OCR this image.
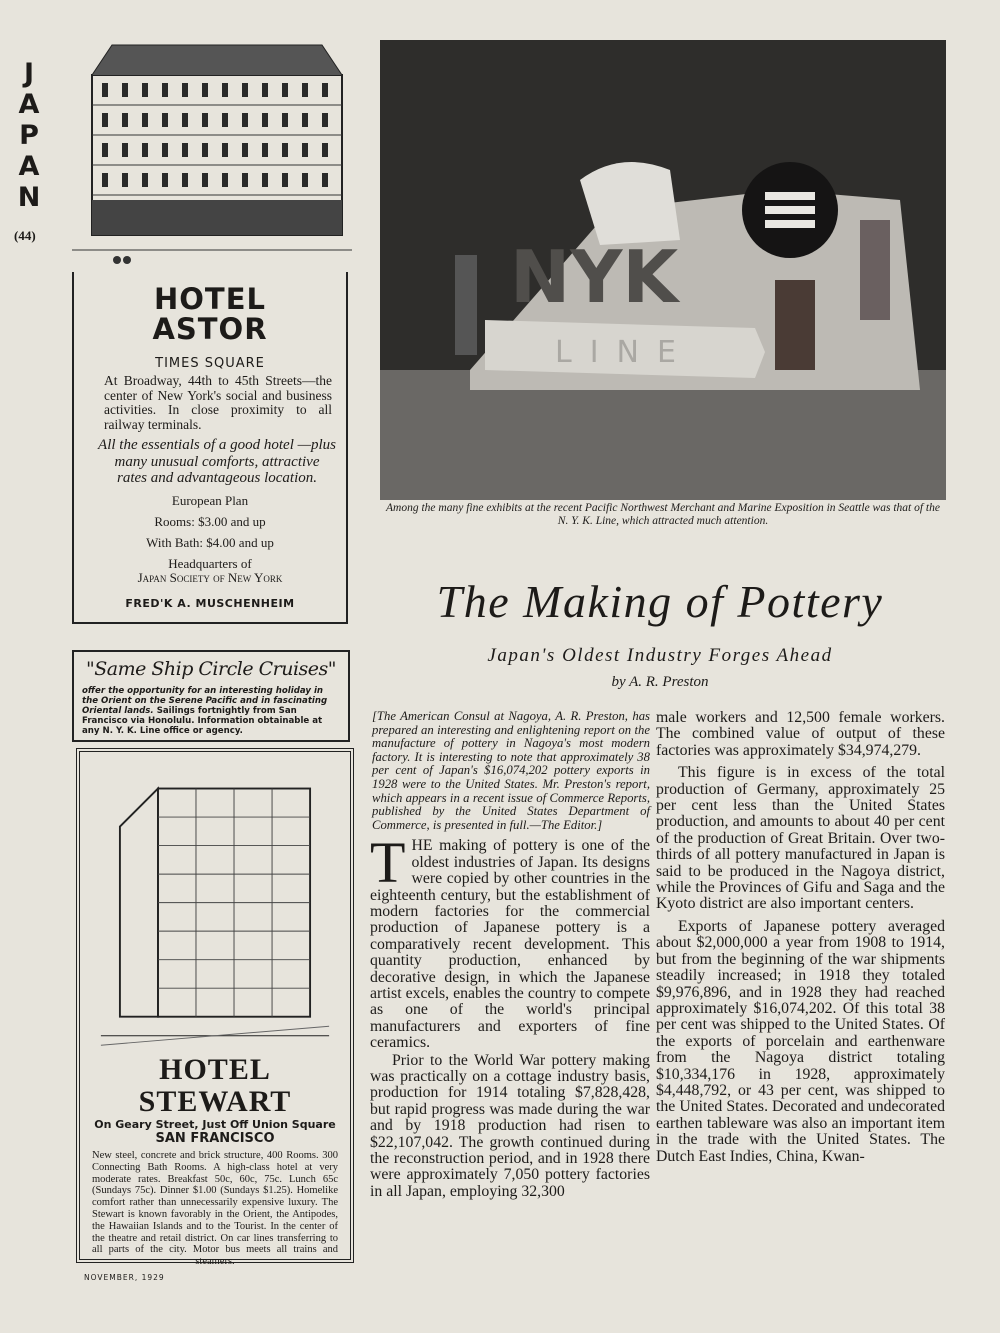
JAPAN
(44)
HOTEL
ASTOR
TIMES SQUARE
At Broadway, 44th to 45th Streets—the center of New York's social and business activities. In close proximity to all railway terminals.
All the essentials of a good hotel —plus many unusual comforts, attractive rates and advantageous location.
European Plan
Rooms: $3.00 and up
With Bath: $4.00 and up
Headquarters of
Japan Society of New York
FRED'K A. MUSCHENHEIM
"Same Ship Circle Cruises"
offer the opportunity for an interesting holiday in the Orient on the Serene Pacific and in fascinating Oriental lands. Sailings fortnightly from San Francisco via Honolulu. Information obtainable at any N. Y. K. Line office or agency.
HOTEL STEWART
On Geary Street, Just Off Union Square
SAN FRANCISCO
New steel, concrete and brick structure, 400 Rooms. 300 Connecting Bath Rooms. A high-class hotel at very moderate rates. Breakfast 50c, 60c, 75c. Lunch 65c (Sundays 75c). Dinner $1.00 (Sundays $1.25). Homelike comfort rather than unnecessarily expensive luxury. The Stewart is known favorably in the Orient, the Antipodes, the Hawaiian Islands and to the Tourist. In the center of the theatre and retail district. On car lines transferring to all parts of the city. Motor bus meets all trains and steamers.
NOVEMBER, 1929
NYK
LINE
Among the many fine exhibits at the recent Pacific Northwest Merchant and Marine Exposition in Seattle was that of the N. Y. K. Line, which attracted much attention.
The Making of Pottery
Japan's Oldest Industry Forges Ahead
by A. R. Preston
[The American Consul at Nagoya, A. R. Preston, has prepared an interesting and enlightening report on the manufacture of pottery in Nagoya's most modern factory. It is interesting to note that approximately 38 per cent of Japan's $16,074,202 pottery exports in 1928 were to the United States. Mr. Preston's report, which appears in a recent issue of Commerce Reports, published by the United States Department of Commerce, is presented in full.—The Editor.]

THE making of pottery is one of the oldest industries of Japan. Its designs were copied by other countries in the eighteenth century, but the establishment of modern factories for the commercial production of Japanese pottery is a comparatively recent development. This quantity production, enhanced by decorative design, in which the Japanese artist excels, enables the country to compete as one of the world's principal manufacturers and exporters of fine ceramics.

Prior to the World War pottery making was practically on a cottage industry basis, production for 1914 totaling $7,828,428, but rapid progress was made during the war and by 1918 production had risen to $22,107,042. The growth continued during the reconstruction period, and in 1928 there were approximately 7,050 pottery factories in all Japan, employing 32,300

male workers and 12,500 female workers. The combined value of output of these factories was approximately $34,974,279.

This figure is in excess of the total production of Germany, approximately 25 per cent less than the United States production, and amounts to about 40 per cent of the production of Great Britain. Over two-thirds of all pottery manufactured in Japan is said to be produced in the Nagoya district, while the Provinces of Gifu and Saga and the Kyoto district are also important centers.

Exports of Japanese pottery averaged about $2,000,000 a year from 1908 to 1914, but from the beginning of the war shipments steadily increased; in 1918 they totaled $9,976,896, and in 1928 they had reached approximately $16,074,202. Of this total 38 per cent was shipped to the United States. Of the exports of porcelain and earthenware from the Nagoya district totaling $10,334,176 in 1928, approximately $4,448,792, or 43 per cent, was shipped to the United States. Decorated and undecorated earthen tableware was also an important item in the trade with the United States. The Dutch East Indies, China, Kwan-
